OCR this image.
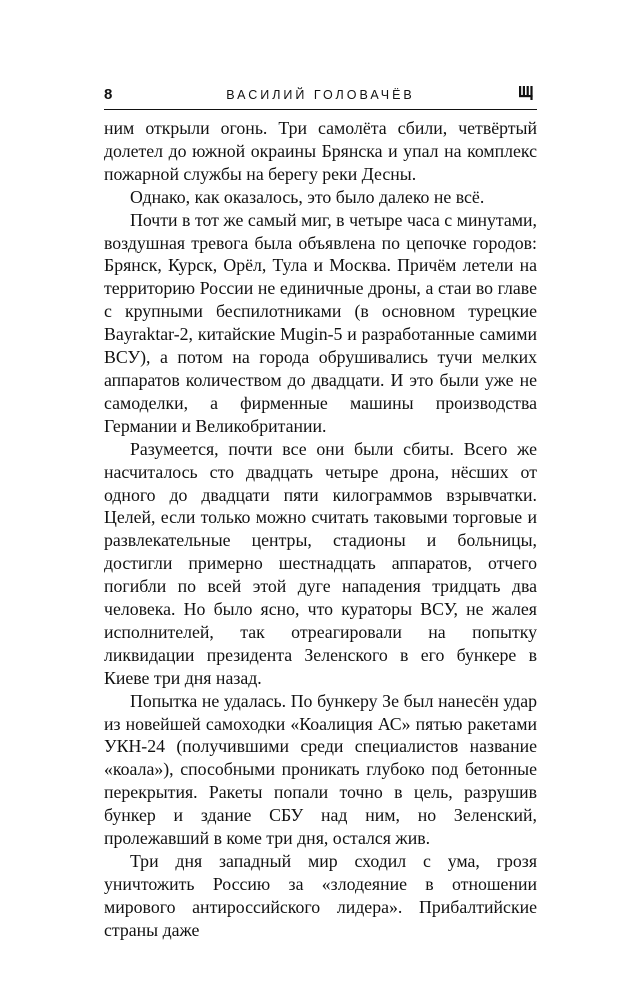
8	ВАСИЛИЙ ГОЛОВАЧЁВ

ним открыли огонь. Три самолёта сбили, четвёртый долетел до южной окраины Брянска и упал на комплекс пожарной службы на берегу реки Десны.

Однако, как оказалось, это было далеко не всё.

Почти в тот же самый миг, в четыре часа с минутами, воздушная тревога была объявлена по цепочке городов: Брянск, Курск, Орёл, Тула и Москва. Причём летели на территорию России не единичные дроны, а стаи во главе с крупными беспилотниками (в основном турецкие Bayraktar-2, китайские Mugin-5 и разработанные самими ВСУ), а потом на города обрушивались тучи мелких аппаратов количеством до двадцати. И это были уже не самоделки, а фирменные машины производства Германии и Великобритании.

Разумеется, почти все они были сбиты. Всего же насчиталось сто двадцать четыре дрона, нёсших от одного до двадцати пяти килограммов взрывчатки. Целей, если только можно считать таковыми торговые и развлекательные центры, стадионы и больницы, достигли примерно шестнадцать аппаратов, отчего погибли по всей этой дуге нападения тридцать два человека. Но было ясно, что кураторы ВСУ, не жалея исполнителей, так отреагировали на попытку ликвидации президента Зеленского в его бункере в Киеве три дня назад.

Попытка не удалась. По бункеру Зе был нанесён удар из новейшей самоходки «Коалиция АС» пятью ракетами УКН-24 (получившими среди специалистов название «коала»), способными проникать глубоко под бетонные перекрытия. Ракеты попали точно в цель, разрушив бункер и здание СБУ над ним, но Зеленский, пролежавший в коме три дня, остался жив.

Три дня западный мир сходил с ума, грозя уничтожить Россию за «злодеяние в отношении мирового антироссийского лидера». Прибалтийские страны даже
